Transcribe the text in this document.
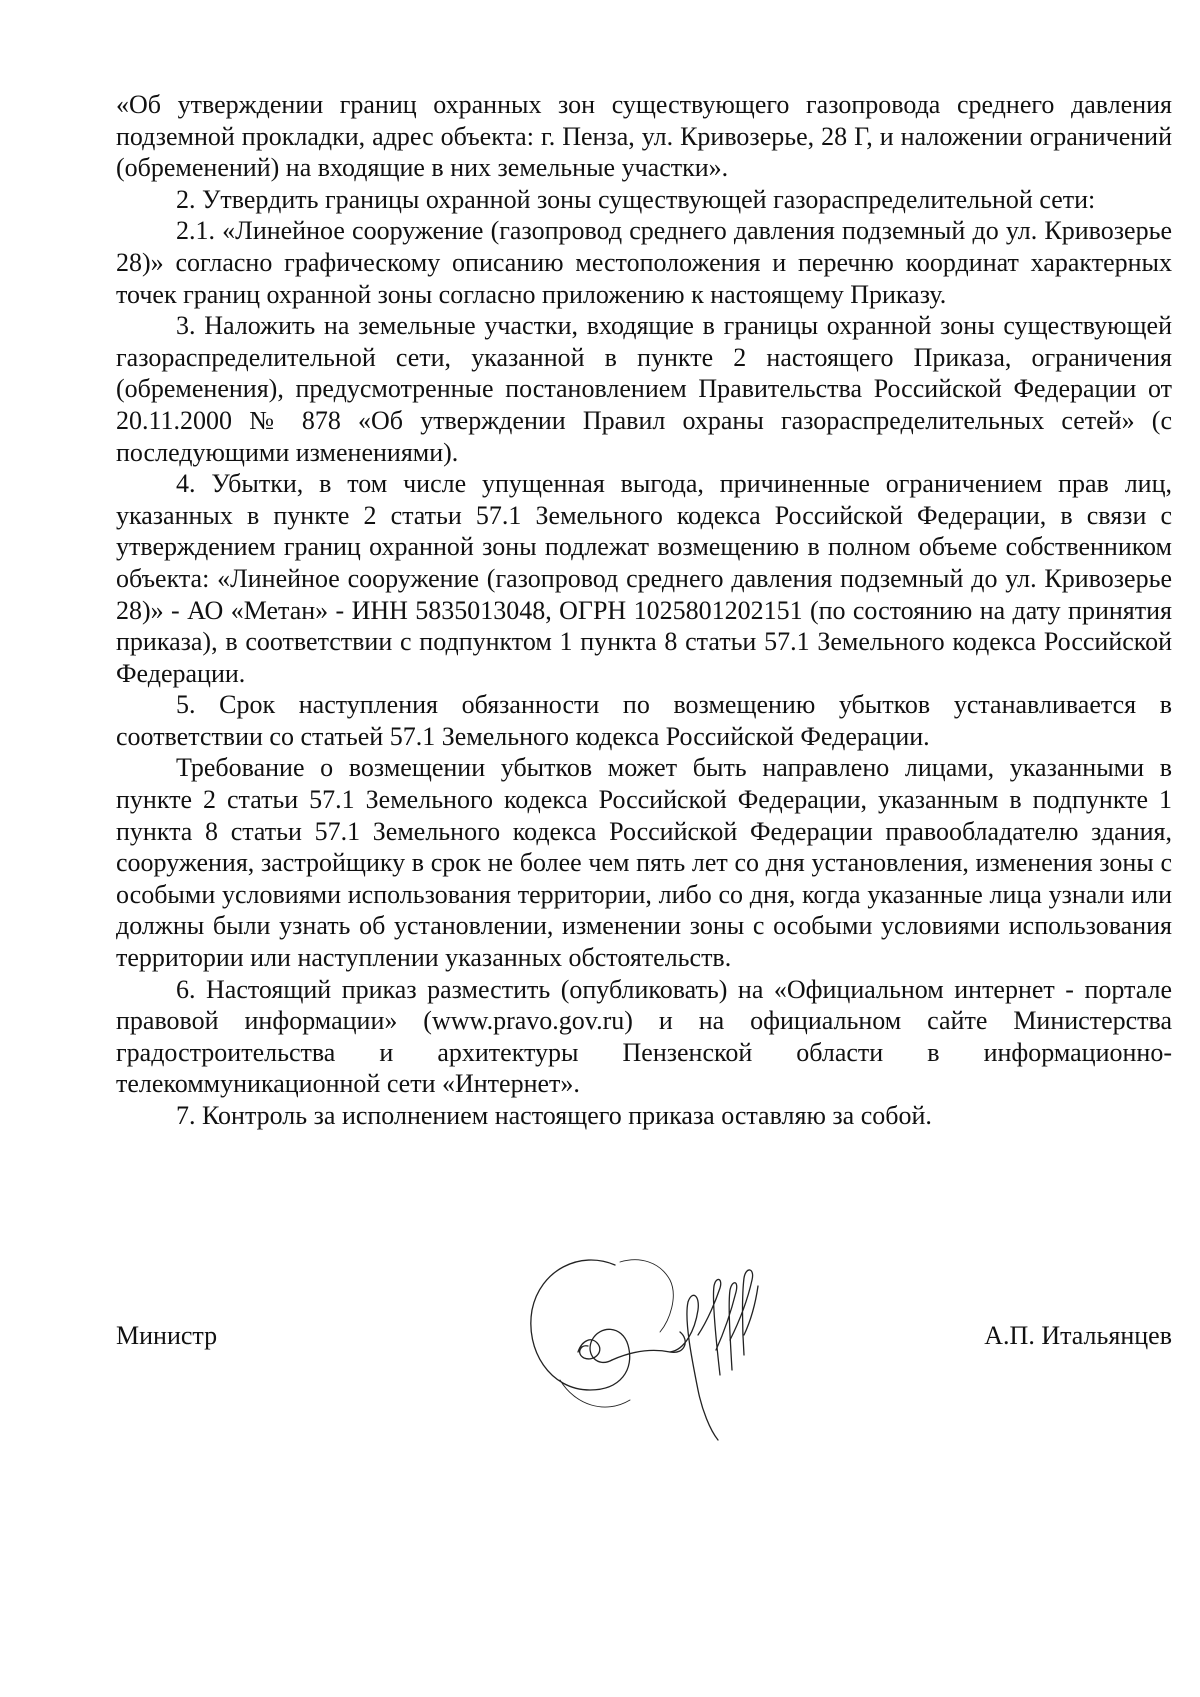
«Об утверждении границ охранных зон существующего газопровода среднего давления подземной прокладки, адрес объекта: г. Пенза, ул. Кривозерье, 28 Г, и наложении ограничений (обременений) на входящие в них земельные участки».

2. Утвердить границы охранной зоны существующей газораспределительной сети:

2.1. «Линейное сооружение (газопровод среднего давления подземный до ул. Кривозерье 28)» согласно графическому описанию местоположения и перечню координат характерных точек границ охранной зоны согласно приложению к настоящему Приказу.

3. Наложить на земельные участки, входящие в границы охранной зоны существующей газораспределительной сети, указанной в пункте 2 настоящего Приказа, ограничения (обременения), предусмотренные постановлением Правительства Российской Федерации от 20.11.2000 № 878 «Об утверждении Правил охраны газораспределительных сетей» (с последующими изменениями).

4. Убытки, в том числе упущенная выгода, причиненные ограничением прав лиц, указанных в пункте 2 статьи 57.1 Земельного кодекса Российской Федерации, в связи с утверждением границ охранной зоны подлежат возмещению в полном объеме собственником объекта: «Линейное сооружение (газопровод среднего давления подземный до ул. Кривозерье 28)» - АО «Метан» - ИНН 5835013048, ОГРН 1025801202151 (по состоянию на дату принятия приказа), в соответствии с подпунктом 1 пункта 8 статьи 57.1 Земельного кодекса Российской Федерации.

5. Срок наступления обязанности по возмещению убытков устанавливается в соответствии со статьей 57.1 Земельного кодекса Российской Федерации.

Требование о возмещении убытков может быть направлено лицами, указанными в пункте 2 статьи 57.1 Земельного кодекса Российской Федерации, указанным в подпункте 1 пункта 8 статьи 57.1 Земельного кодекса Российской Федерации правообладателю здания, сооружения, застройщику в срок не более чем пять лет со дня установления, изменения зоны с особыми условиями использования территории, либо со дня, когда указанные лица узнали или должны были узнать об установлении, изменении зоны с особыми условиями использования территории или наступлении указанных обстоятельств.

6. Настоящий приказ разместить (опубликовать) на «Официальном интернет - портале правовой информации» (www.pravo.gov.ru) и на официальном сайте Министерства градостроительства и архитектуры Пензенской области в информационно-телекоммуникационной сети «Интернет».

7. Контроль за исполнением настоящего приказа оставляю за собой.

Министр	А.П. Итальянцев
